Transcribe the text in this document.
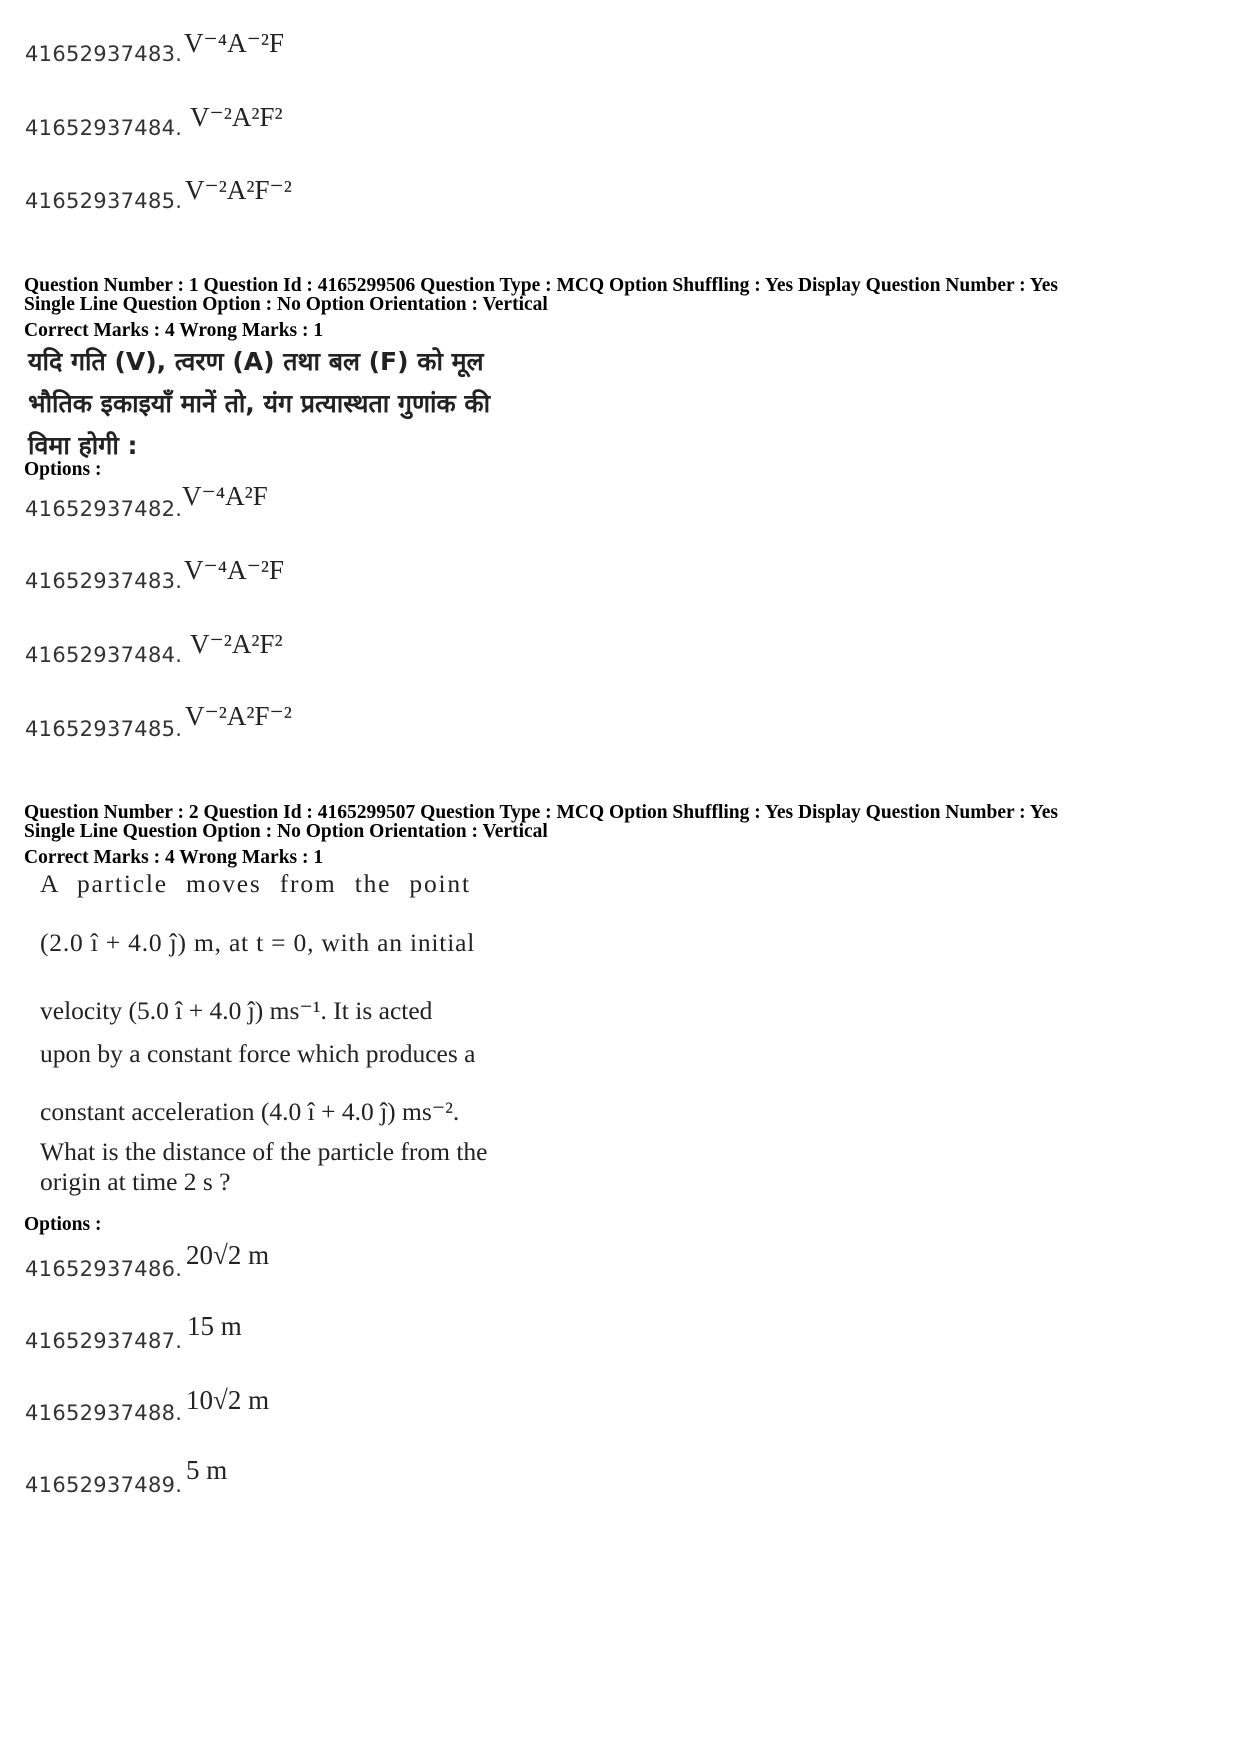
41652937483. V⁻⁴A⁻²F
41652937484. V⁻²A²F²
41652937485. V⁻²A²F⁻²
Question Number : 1 Question Id : 4165299506 Question Type : MCQ Option Shuffling : Yes Display Question Number : Yes
Single Line Question Option : No Option Orientation : Vertical
Correct Marks : 4 Wrong Marks : 1
यदि गति (V), त्वरण (A) तथा बल (F) को मूल
भौतिक इकाइयाँ मानें तो, यंग प्रत्यास्थता गुणांक की
विमा होगी :
Options :
41652937482. V⁻⁴A²F
41652937483. V⁻⁴A⁻²F
41652937484. V⁻²A²F²
41652937485. V⁻²A²F⁻²
Question Number : 2 Question Id : 4165299507 Question Type : MCQ Option Shuffling : Yes Display Question Number : Yes
Single Line Question Option : No Option Orientation : Vertical
Correct Marks : 4 Wrong Marks : 1
A particle moves from the point
(2.0 î + 4.0 ĵ) m, at t = 0, with an initial
velocity (5.0 î + 4.0 ĵ) ms⁻¹. It is acted
upon by a constant force which produces a
constant acceleration (4.0 î + 4.0 ĵ) ms⁻².
What is the distance of the particle from the
origin at time 2 s ?
Options :
41652937486. 20√2 m
41652937487. 15 m
41652937488. 10√2 m
41652937489. 5 m
